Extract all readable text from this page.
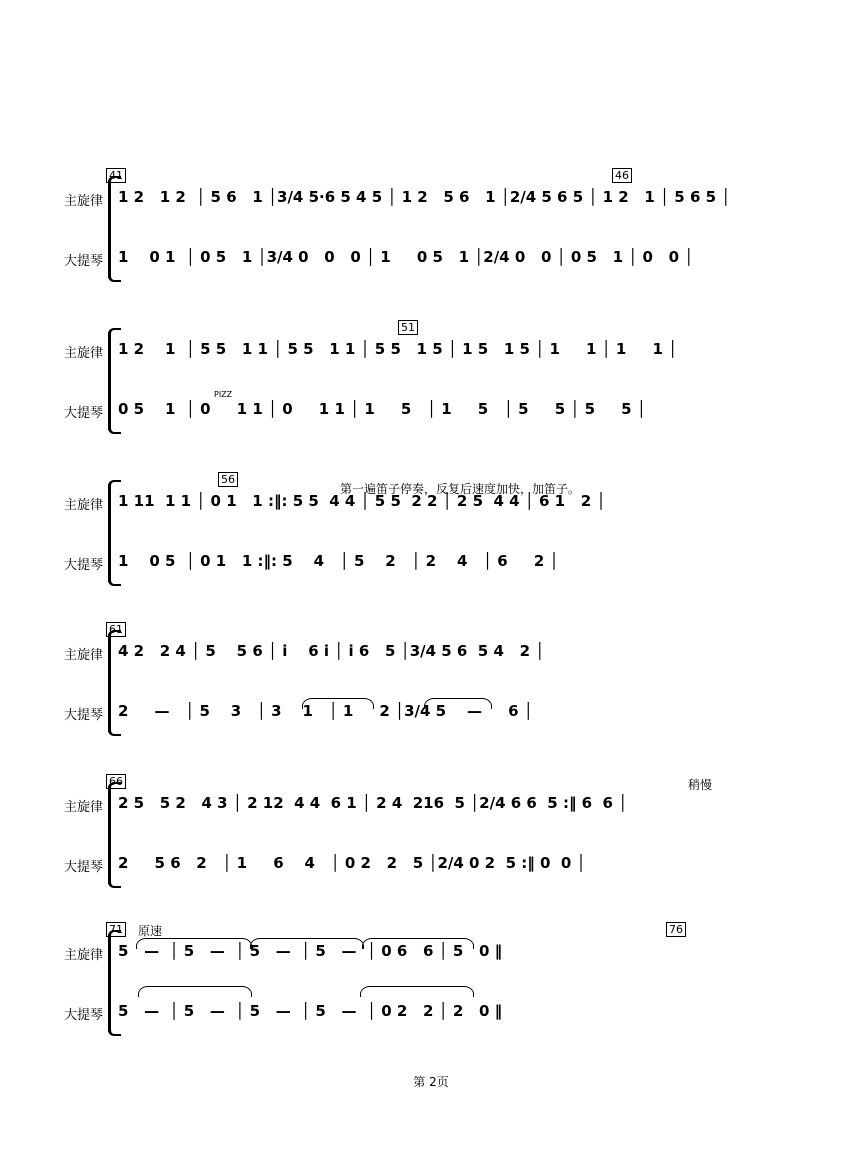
41	46
主旋律
大提琴
1 2   1 2  │ 5 6   1 │3/4 5·6 5 4 5 │ 1 2   5 6   1 │2/4 5 6 5 │ 1 2   1 │ 5 6 5 │
1    0 1  │ 0 5   1 │3/4 0   0   0 │ 1     0 5   1 │2/4 0   0 │ 0 5   1 │ 0   0 │
51
主旋律
大提琴
1 2    1  │ 5 5   1 1 │ 5 5   1 1 │ 5 5   1 5 │ 1 5   1 5 │ 1     1 │ 1     1 │
PIZZ
0 5    1  │ 0     1 1 │ 0     1 1 │ 1     5   │ 1     5   │ 5     5 │ 5     5 │
56
第一遍笛子停奏，反复后速度加快，加笛子。
主旋律
大提琴
1 11  1 1 │ 0 1   1 :‖: 5 5  4 4 │ 5 5  2 2 │ 2 5  4 4 │ 6 1   2 │
1    0 5  │ 0 1   1 :‖: 5    4   │ 5    2   │ 2    4   │ 6     2 │
61
主旋律
大提琴
4 2   2 4 │ 5    5 6 │ i    6 i │ i 6   5 │3/4 5 6  5 4   2 │
2     —   │ 5    3   │ 3    1   │ 1     2 │3/4 5    —     6 │
66	稍慢
主旋律
大提琴
2 5   5 2   4 3 │ 2 12  4 4  6 1 │ 2 4  216  5 │2/4 6 6  5 :‖ 6  6 │
2     5 6   2   │ 1     6    4   │ 0 2   2   5 │2/4 0 2  5 :‖ 0  0 │
71	76
原速
主旋律
大提琴
5   —  │ 5   —  │ 5   —  │ 5   —  │ 0 6   6 │ 5   0 ‖
5   —  │ 5   —  │ 5   —  │ 5   —  │ 0 2   2 │ 2   0 ‖
第 2页
